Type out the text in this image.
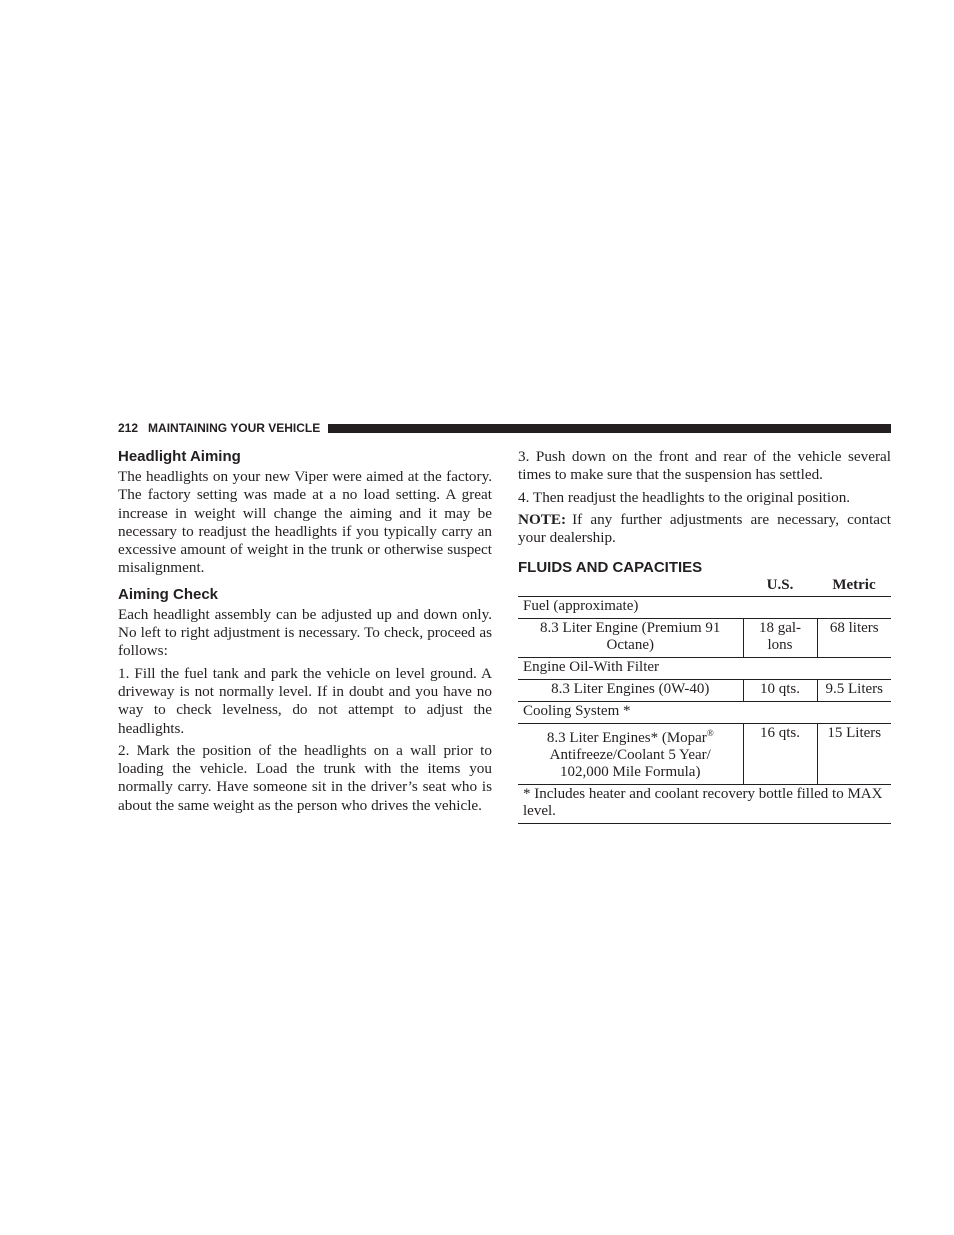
212 MAINTAINING YOUR VEHICLE
Headlight Aiming

The headlights on your new Viper were aimed at the factory. The factory setting was made at a no load setting. A great increase in weight will change the aiming and it may be necessary to readjust the headlights if you typically carry an excessive amount of weight in the trunk or otherwise suspect misalignment.

Aiming Check

Each headlight assembly can be adjusted up and down only. No left to right adjustment is necessary. To check, proceed as follows:

1. Fill the fuel tank and park the vehicle on level ground. A driveway is not normally level. If in doubt and you have no way to check levelness, do not attempt to adjust the headlights.

2. Mark the position of the headlights on a wall prior to loading the vehicle. Load the trunk with the items you normally carry. Have someone sit in the driver’s seat who is about the same weight as the person who drives the vehicle.

3. Push down on the front and rear of the vehicle several times to make sure that the suspension has settled.

4. Then readjust the headlights to the original position.

NOTE: If any further adjustments are necessary, contact your dealership.

FLUIDS AND CAPACITIES
	U.S.	Metric
Fuel (approximate)		
8.3 Liter Engine (Premium 91 Octane)	18 gal-lons	68 liters
Engine Oil-With Filter		
8.3 Liter Engines (0W-40)	10 qts.	9.5 Liters
Cooling System *		
8.3 Liter Engines* (Mopar® Antifreeze/Coolant 5 Year/ 102,000 Mile Formula)	16 qts.	15 Liters
* Includes heater and coolant recovery bottle filled to MAX level.		
